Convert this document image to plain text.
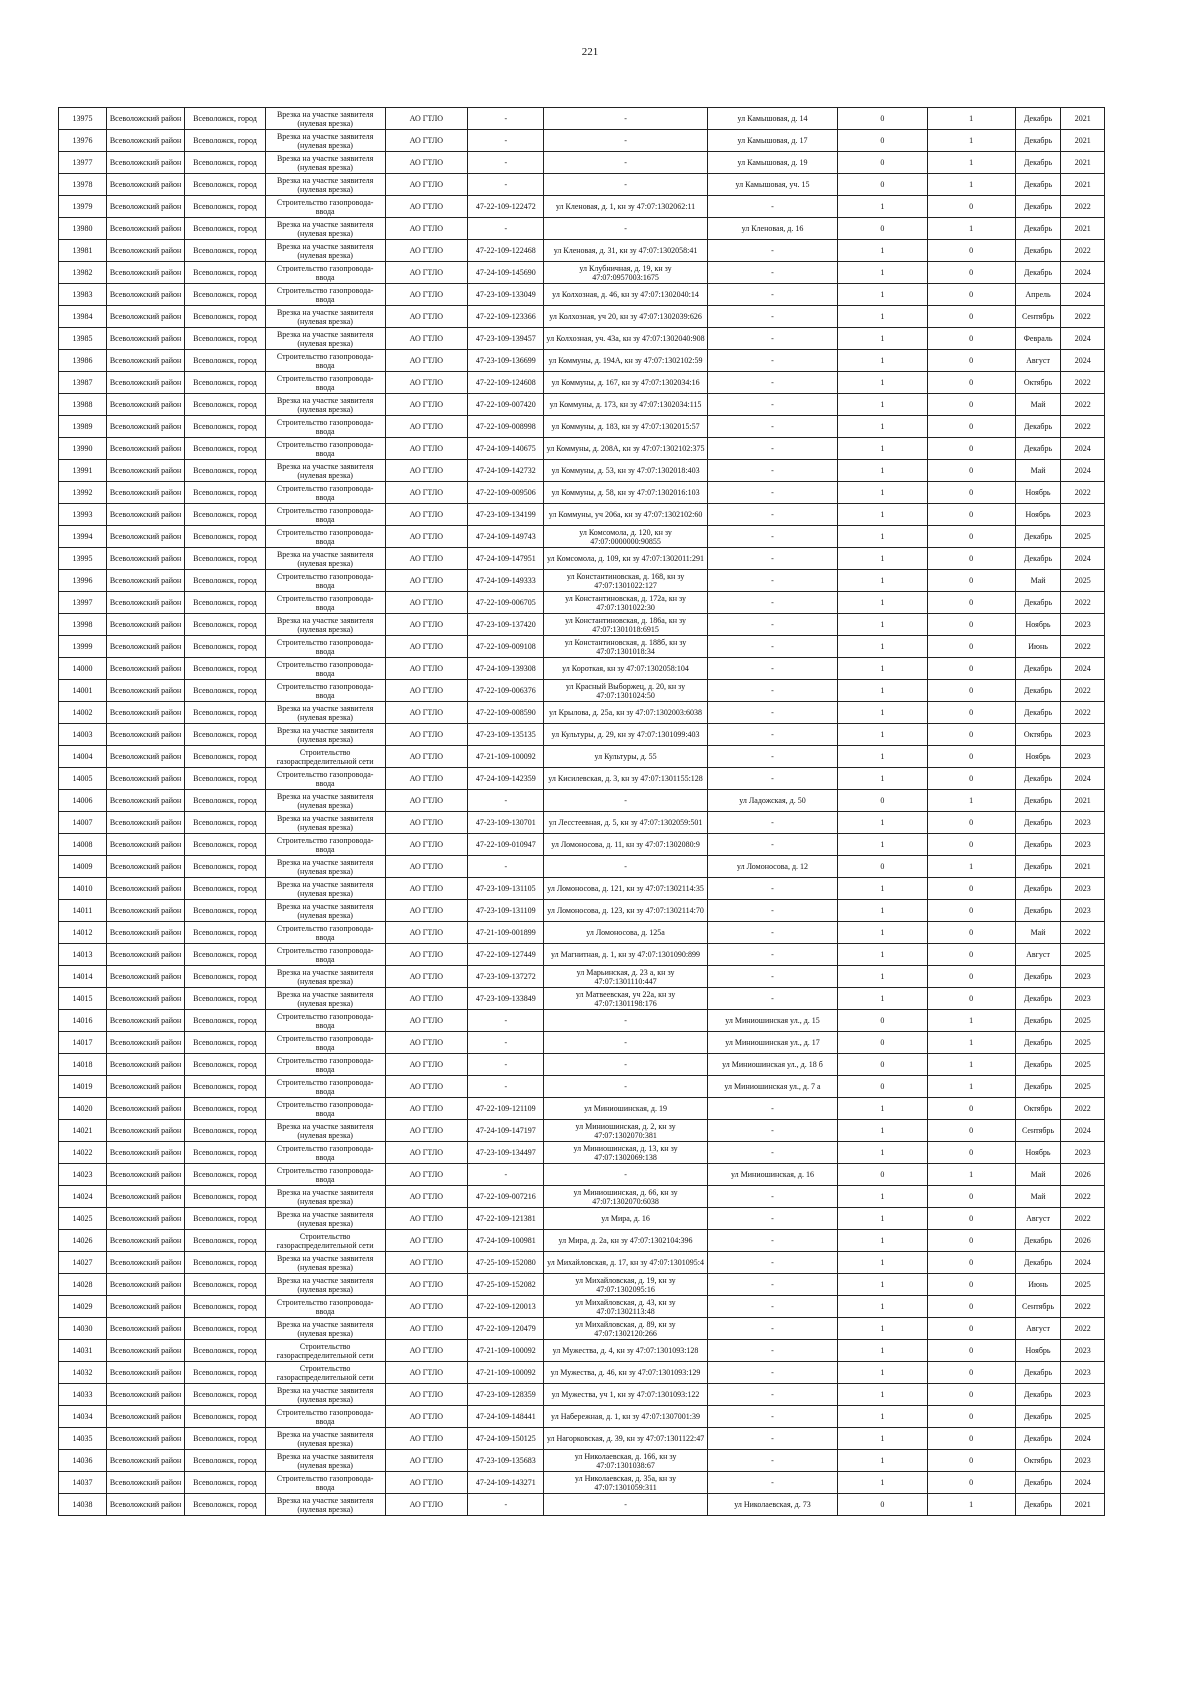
221
13975	Всеволожский район	Всеволожск, город	Врезка на участке заявителя (нулевая врезка)	АО ГТЛО	-	-	ул Камышовая, д. 14	0	1	Декабрь	2021
13976	Всеволожский район	Всеволожск, город	Врезка на участке заявителя (нулевая врезка)	АО ГТЛО	-	-	ул Камышовая, д. 17	0	1	Декабрь	2021
13977	Всеволожский район	Всеволожск, город	Врезка на участке заявителя (нулевая врезка)	АО ГТЛО	-	-	ул Камышовая, д. 19	0	1	Декабрь	2021
13978	Всеволожский район	Всеволожск, город	Врезка на участке заявителя (нулевая врезка)	АО ГТЛО	-	-	ул Камышовая, уч. 15	0	1	Декабрь	2021
13979	Всеволожский район	Всеволожск, город	Строительство газопровода-ввода	АО ГТЛО	47-22-109-122472	ул Кленовая, д. 1, кн зу 47:07:1302062:11	-	1	0	Декабрь	2022
13980	Всеволожский район	Всеволожск, город	Врезка на участке заявителя (нулевая врезка)	АО ГТЛО	-	-	ул Кленовая, д. 16	0	1	Декабрь	2021
13981	Всеволожский район	Всеволожск, город	Врезка на участке заявителя (нулевая врезка)	АО ГТЛО	47-22-109-122468	ул Кленовая, д. 31, кн зу 47:07:1302058:41	-	1	0	Декабрь	2022
13982	Всеволожский район	Всеволожск, город	Строительство газопровода-ввода	АО ГТЛО	47-24-109-145690	ул Клубничная, д. 19, кн зу 47:07:0957003:1675	-	1	0	Декабрь	2024
13983	Всеволожский район	Всеволожск, город	Строительство газопровода-ввода	АО ГТЛО	47-23-109-133049	ул Колхозная, д. 46, кн зу 47:07:1302040:14	-	1	0	Апрель	2024
13984	Всеволожский район	Всеволожск, город	Врезка на участке заявителя (нулевая врезка)	АО ГТЛО	47-22-109-123366	ул Колхозная, уч 20, кн зу 47:07:1302039:626	-	1	0	Сентябрь	2022
13985	Всеволожский район	Всеволожск, город	Врезка на участке заявителя (нулевая врезка)	АО ГТЛО	47-23-109-139457	ул Колхозная, уч. 43а, кн зу 47:07:1302040:908	-	1	0	Февраль	2024
13986	Всеволожский район	Всеволожск, город	Строительство газопровода-ввода	АО ГТЛО	47-23-109-136699	ул Коммуны, д. 194А, кн зу 47:07:1302102:59	-	1	0	Август	2024
13987	Всеволожский район	Всеволожск, город	Строительство газопровода-ввода	АО ГТЛО	47-22-109-124608	ул Коммуны, д. 167, кн зу 47:07:1302034:16	-	1	0	Октябрь	2022
13988	Всеволожский район	Всеволожск, город	Врезка на участке заявителя (нулевая врезка)	АО ГТЛО	47-22-109-007420	ул Коммуны, д. 173, кн зу 47:07:1302034:115	-	1	0	Май	2022
13989	Всеволожский район	Всеволожск, город	Строительство газопровода-ввода	АО ГТЛО	47-22-109-008998	ул Коммуны, д. 183, кн зу 47:07:1302015:57	-	1	0	Декабрь	2022
13990	Всеволожский район	Всеволожск, город	Строительство газопровода-ввода	АО ГТЛО	47-24-109-140675	ул Коммуны, д. 208А, кн зу 47:07:1302102:375	-	1	0	Декабрь	2024
13991	Всеволожский район	Всеволожск, город	Врезка на участке заявителя (нулевая врезка)	АО ГТЛО	47-24-109-142732	ул Коммуны, д. 53, кн зу 47:07:1302018:403	-	1	0	Май	2024
13992	Всеволожский район	Всеволожск, город	Строительство газопровода-ввода	АО ГТЛО	47-22-109-009506	ул Коммуны, д. 58, кн зу 47:07:1302016:103	-	1	0	Ноябрь	2022
13993	Всеволожский район	Всеволожск, город	Строительство газопровода-ввода	АО ГТЛО	47-23-109-134199	ул Коммуны, уч 206а, кн зу 47:07:1302102:60	-	1	0	Ноябрь	2023
13994	Всеволожский район	Всеволожск, город	Строительство газопровода-ввода	АО ГТЛО	47-24-109-149743	ул Комсомола, д. 120, кн зу 47:07:0000000:90855	-	1	0	Декабрь	2025
13995	Всеволожский район	Всеволожск, город	Врезка на участке заявителя (нулевая врезка)	АО ГТЛО	47-24-109-147951	ул Комсомола, д. 109, кн зу 47:07:1302011:291	-	1	0	Декабрь	2024
13996	Всеволожский район	Всеволожск, город	Строительство газопровода-ввода	АО ГТЛО	47-24-109-149333	ул Константиновская, д. 168, кн зу 47:07:1301022:127	-	1	0	Май	2025
13997	Всеволожский район	Всеволожск, город	Строительство газопровода-ввода	АО ГТЛО	47-22-109-006705	ул Константиновская, д. 172а, кн зу 47:07:1301022:30	-	1	0	Декабрь	2022
13998	Всеволожский район	Всеволожск, город	Врезка на участке заявителя (нулевая врезка)	АО ГТЛО	47-23-109-137420	ул Константиновская, д. 186а, кн зу 47:07:1301018:6915	-	1	0	Ноябрь	2023
13999	Всеволожский район	Всеволожск, город	Строительство газопровода-ввода	АО ГТЛО	47-22-109-009108	ул Константиновская, д. 188б, кн зу 47:07:1301018:34	-	1	0	Июнь	2022
14000	Всеволожский район	Всеволожск, город	Строительство газопровода-ввода	АО ГТЛО	47-24-109-139308	ул Короткая, кн зу 47:07:1302058:104	-	1	0	Декабрь	2024
14001	Всеволожский район	Всеволожск, город	Строительство газопровода-ввода	АО ГТЛО	47-22-109-006376	ул Красный Выборжец, д. 20, кн зу 47:07:1301024:50	-	1	0	Декабрь	2022
14002	Всеволожский район	Всеволожск, город	Врезка на участке заявителя (нулевая врезка)	АО ГТЛО	47-22-109-008590	ул Крылова, д. 25а, кн зу 47:07:1302003:6038	-	1	0	Декабрь	2022
14003	Всеволожский район	Всеволожск, город	Врезка на участке заявителя (нулевая врезка)	АО ГТЛО	47-23-109-135135	ул Культуры, д. 29, кн зу 47:07:1301099:403	-	1	0	Октябрь	2023
14004	Всеволожский район	Всеволожск, город	Строительство газораспределительной сети	АО ГТЛО	47-21-109-100092	ул Культуры, д. 55	-	1	0	Ноябрь	2023
14005	Всеволожский район	Всеволожск, город	Строительство газопровода-ввода	АО ГТЛО	47-24-109-142359	ул Кисилевская, д. 3, кн зу 47:07:1301155:128	-	1	0	Декабрь	2024
14006	Всеволожский район	Всеволожск, город	Врезка на участке заявителя (нулевая врезка)	АО ГТЛО	-	-	ул Ладожская, д. 50	0	1	Декабрь	2021
14007	Всеволожский район	Всеволожск, город	Врезка на участке заявителя (нулевая врезка)	АО ГТЛО	47-23-109-130701	ул Лесстеевная, д. 5, кн зу 47:07:1302059:501	-	1	0	Декабрь	2023
14008	Всеволожский район	Всеволожск, город	Строительство газопровода-ввода	АО ГТЛО	47-22-109-010947	ул Ломоносова, д. 11, кн зу 47:07:1302080:9	-	1	0	Декабрь	2023
14009	Всеволожский район	Всеволожск, город	Врезка на участке заявителя (нулевая врезка)	АО ГТЛО	-	-	ул Ломоносова, д. 12	0	1	Декабрь	2021
14010	Всеволожский район	Всеволожск, город	Врезка на участке заявителя (нулевая врезка)	АО ГТЛО	47-23-109-131105	ул Ломоносова, д. 121, кн зу 47:07:1302114:35	-	1	0	Декабрь	2023
14011	Всеволожский район	Всеволожск, город	Врезка на участке заявителя (нулевая врезка)	АО ГТЛО	47-23-109-131109	ул Ломоносова, д. 123, кн зу 47:07:1302114:70	-	1	0	Декабрь	2023
14012	Всеволожский район	Всеволожск, город	Строительство газопровода-ввода	АО ГТЛО	47-21-109-001899	ул Ломоносова, д. 125а	-	1	0	Май	2022
14013	Всеволожский район	Всеволожск, город	Строительство газопровода-ввода	АО ГТЛО	47-22-109-127449	ул Магнитная, д. 1, кн зу 47:07:1301090:899	-	1	0	Август	2025
14014	Всеволожский район	Всеволожск, город	Врезка на участке заявителя (нулевая врезка)	АО ГТЛО	47-23-109-137272	ул Марьинская, д. 23 а, кн зу 47:07:1301110:447	-	1	0	Декабрь	2023
14015	Всеволожский район	Всеволожск, город	Врезка на участке заявителя (нулевая врезка)	АО ГТЛО	47-23-109-133849	ул Матвеевская, уч 22а, кн зу 47:07:1301198:176	-	1	0	Декабрь	2023
14016	Всеволожский район	Всеволожск, город	Строительство газопровода-ввода	АО ГТЛО	-	-	ул Миниошинская ул., д. 15	0	1	Декабрь	2025
14017	Всеволожский район	Всеволожск, город	Строительство газопровода-ввода	АО ГТЛО	-	-	ул Миниошинская ул., д. 17	0	1	Декабрь	2025
14018	Всеволожский район	Всеволожск, город	Строительство газопровода-ввода	АО ГТЛО	-	-	ул Миниошинская ул., д. 18 б	0	1	Декабрь	2025
14019	Всеволожский район	Всеволожск, город	Строительство газопровода-ввода	АО ГТЛО	-	-	ул Миниошинская ул., д. 7 а	0	1	Декабрь	2025
14020	Всеволожский район	Всеволожск, город	Строительство газопровода-ввода	АО ГТЛО	47-22-109-121109	ул Миниошинская, д. 19	-	1	0	Октябрь	2022
14021	Всеволожский район	Всеволожск, город	Врезка на участке заявителя (нулевая врезка)	АО ГТЛО	47-24-109-147197	ул Миниошинская, д. 2, кн зу 47:07:1302070:381	-	1	0	Сентябрь	2024
14022	Всеволожский район	Всеволожск, город	Строительство газопровода-ввода	АО ГТЛО	47-23-109-134497	ул Миниошинская, д. 13, кн зу 47:07:1302069:138	-	1	0	Ноябрь	2023
14023	Всеволожский район	Всеволожск, город	Строительство газопровода-ввода	АО ГТЛО	-	-	ул Миниошинская, д. 16	0	1	Май	2026
14024	Всеволожский район	Всеволожск, город	Врезка на участке заявителя (нулевая врезка)	АО ГТЛО	47-22-109-007216	ул Миниошинская, д. 66, кн зу 47:07:1302070:6038	-	1	0	Май	2022
14025	Всеволожский район	Всеволожск, город	Врезка на участке заявителя (нулевая врезка)	АО ГТЛО	47-22-109-121381	ул Мира, д. 16	-	1	0	Август	2022
14026	Всеволожский район	Всеволожск, город	Строительство газораспределительной сети	АО ГТЛО	47-24-109-100981	ул Мира, д. 2а, кн зу 47:07:1302104:396	-	1	0	Декабрь	2026
14027	Всеволожский район	Всеволожск, город	Врезка на участке заявителя (нулевая врезка)	АО ГТЛО	47-25-109-152080	ул Михайловская, д. 17, кн зу 47:07:1301095:4	-	1	0	Декабрь	2024
14028	Всеволожский район	Всеволожск, город	Врезка на участке заявителя (нулевая врезка)	АО ГТЛО	47-25-109-152082	ул Михайловская, д. 19, кн зу 47:07:1302095:16	-	1	0	Июнь	2025
14029	Всеволожский район	Всеволожск, город	Строительство газопровода-ввода	АО ГТЛО	47-22-109-120013	ул Михайловская, д. 43, кн зу 47:07:1302113:48	-	1	0	Сентябрь	2022
14030	Всеволожский район	Всеволожск, город	Врезка на участке заявителя (нулевая врезка)	АО ГТЛО	47-22-109-120479	ул Михайловская, д. 89, кн зу 47:07:1302120:266	-	1	0	Август	2022
14031	Всеволожский район	Всеволожск, город	Строительство газораспределительной сети	АО ГТЛО	47-21-109-100092	ул Мужества, д. 4, кн зу 47:07:1301093:128	-	1	0	Ноябрь	2023
14032	Всеволожский район	Всеволожск, город	Строительство газораспределительной сети	АО ГТЛО	47-21-109-100092	ул Мужества, д. 46, кн зу 47:07:1301093:129	-	1	0	Декабрь	2023
14033	Всеволожский район	Всеволожск, город	Врезка на участке заявителя (нулевая врезка)	АО ГТЛО	47-23-109-128359	ул Мужества, уч 1, кн зу 47:07:1301093:122	-	1	0	Декабрь	2023
14034	Всеволожский район	Всеволожск, город	Строительство газопровода-ввода	АО ГТЛО	47-24-109-148441	ул Набережная, д. 1, кн зу 47:07:1307001:39	-	1	0	Декабрь	2025
14035	Всеволожский район	Всеволожск, город	Врезка на участке заявителя (нулевая врезка)	АО ГТЛО	47-24-109-150125	ул Нагорковская, д. 39, кн зу 47:07:1301122:47	-	1	0	Декабрь	2024
14036	Всеволожский район	Всеволожск, город	Врезка на участке заявителя (нулевая врезка)	АО ГТЛО	47-23-109-135683	ул Николаевская, д. 166, кн зу 47:07:1301038:67	-	1	0	Октябрь	2023
14037	Всеволожский район	Всеволожск, город	Строительство газопровода-ввода	АО ГТЛО	47-24-109-143271	ул Николаевская, д. 35а, кн зу 47:07:1301059:311	-	1	0	Декабрь	2024
14038	Всеволожский район	Всеволожск, город	Врезка на участке заявителя (нулевая врезка)	АО ГТЛО	-	-	ул Николаевская, д. 73	0	1	Декабрь	2021
